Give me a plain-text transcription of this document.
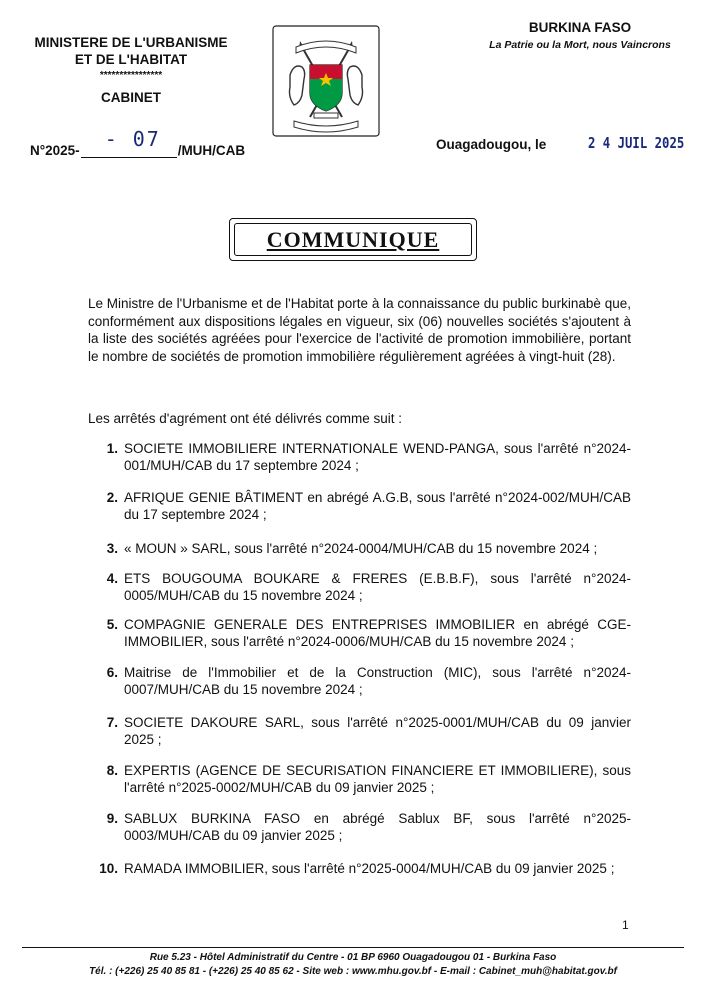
MINISTERE DE L'URBANISME
ET DE L'HABITAT
****************
CABINET
N°2025- - 07 /MUH/CAB
BURKINA FASO
La Patrie ou la Mort, nous Vaincrons
Ouagadougou, le	2 4 JUIL 2025
COMMUNIQUE
Le Ministre de l'Urbanisme et de l'Habitat porte à la connaissance du public burkinabè que, conformément aux dispositions légales en vigueur, six (06) nouvelles sociétés s'ajoutent à la liste des sociétés agréées pour l'exercice de l'activité de promotion immobilière, portant le nombre de sociétés de promotion immobilière régulièrement agréées à vingt-huit (28).
Les arrêtés d'agrément ont été délivrés comme suit :
1. SOCIETE IMMOBILIERE INTERNATIONALE WEND-PANGA, sous l'arrêté n°2024-001/MUH/CAB du 17 septembre 2024 ;
2. AFRIQUE GENIE BÂTIMENT en abrégé A.G.B, sous l'arrêté n°2024-002/MUH/CAB du 17 septembre 2024 ;
3. « MOUN » SARL, sous l'arrêté n°2024-0004/MUH/CAB du 15 novembre 2024 ;
4. ETS BOUGOUMA BOUKARE & FRERES (E.B.B.F), sous l'arrêté n°2024-0005/MUH/CAB du 15 novembre 2024 ;
5. COMPAGNIE GENERALE DES ENTREPRISES IMMOBILIER en abrégé CGE-IMMOBILIER, sous l'arrêté n°2024-0006/MUH/CAB du 15 novembre 2024 ;
6. Maitrise de l'Immobilier et de la Construction (MIC), sous l'arrêté n°2024-0007/MUH/CAB du 15 novembre 2024 ;
7. SOCIETE DAKOURE SARL, sous l'arrêté n°2025-0001/MUH/CAB du 09 janvier 2025 ;
8. EXPERTIS (AGENCE DE SECURISATION FINANCIERE ET IMMOBILIERE), sous l'arrêté n°2025-0002/MUH/CAB du 09 janvier 2025 ;
9. SABLUX BURKINA FASO en abrégé Sablux BF, sous l'arrêté n°2025-0003/MUH/CAB du 09 janvier 2025 ;
10. RAMADA IMMOBILIER, sous l'arrêté n°2025-0004/MUH/CAB du 09 janvier 2025 ;
1
Rue 5.23 - Hôtel Administratif du Centre - 01 BP 6960 Ouagadougou 01 - Burkina Faso
Tél. : (+226) 25 40 85 81 - (+226) 25 40 85 62 - Site web : www.mhu.gov.bf - E-mail : Cabinet_muh@habitat.gov.bf
